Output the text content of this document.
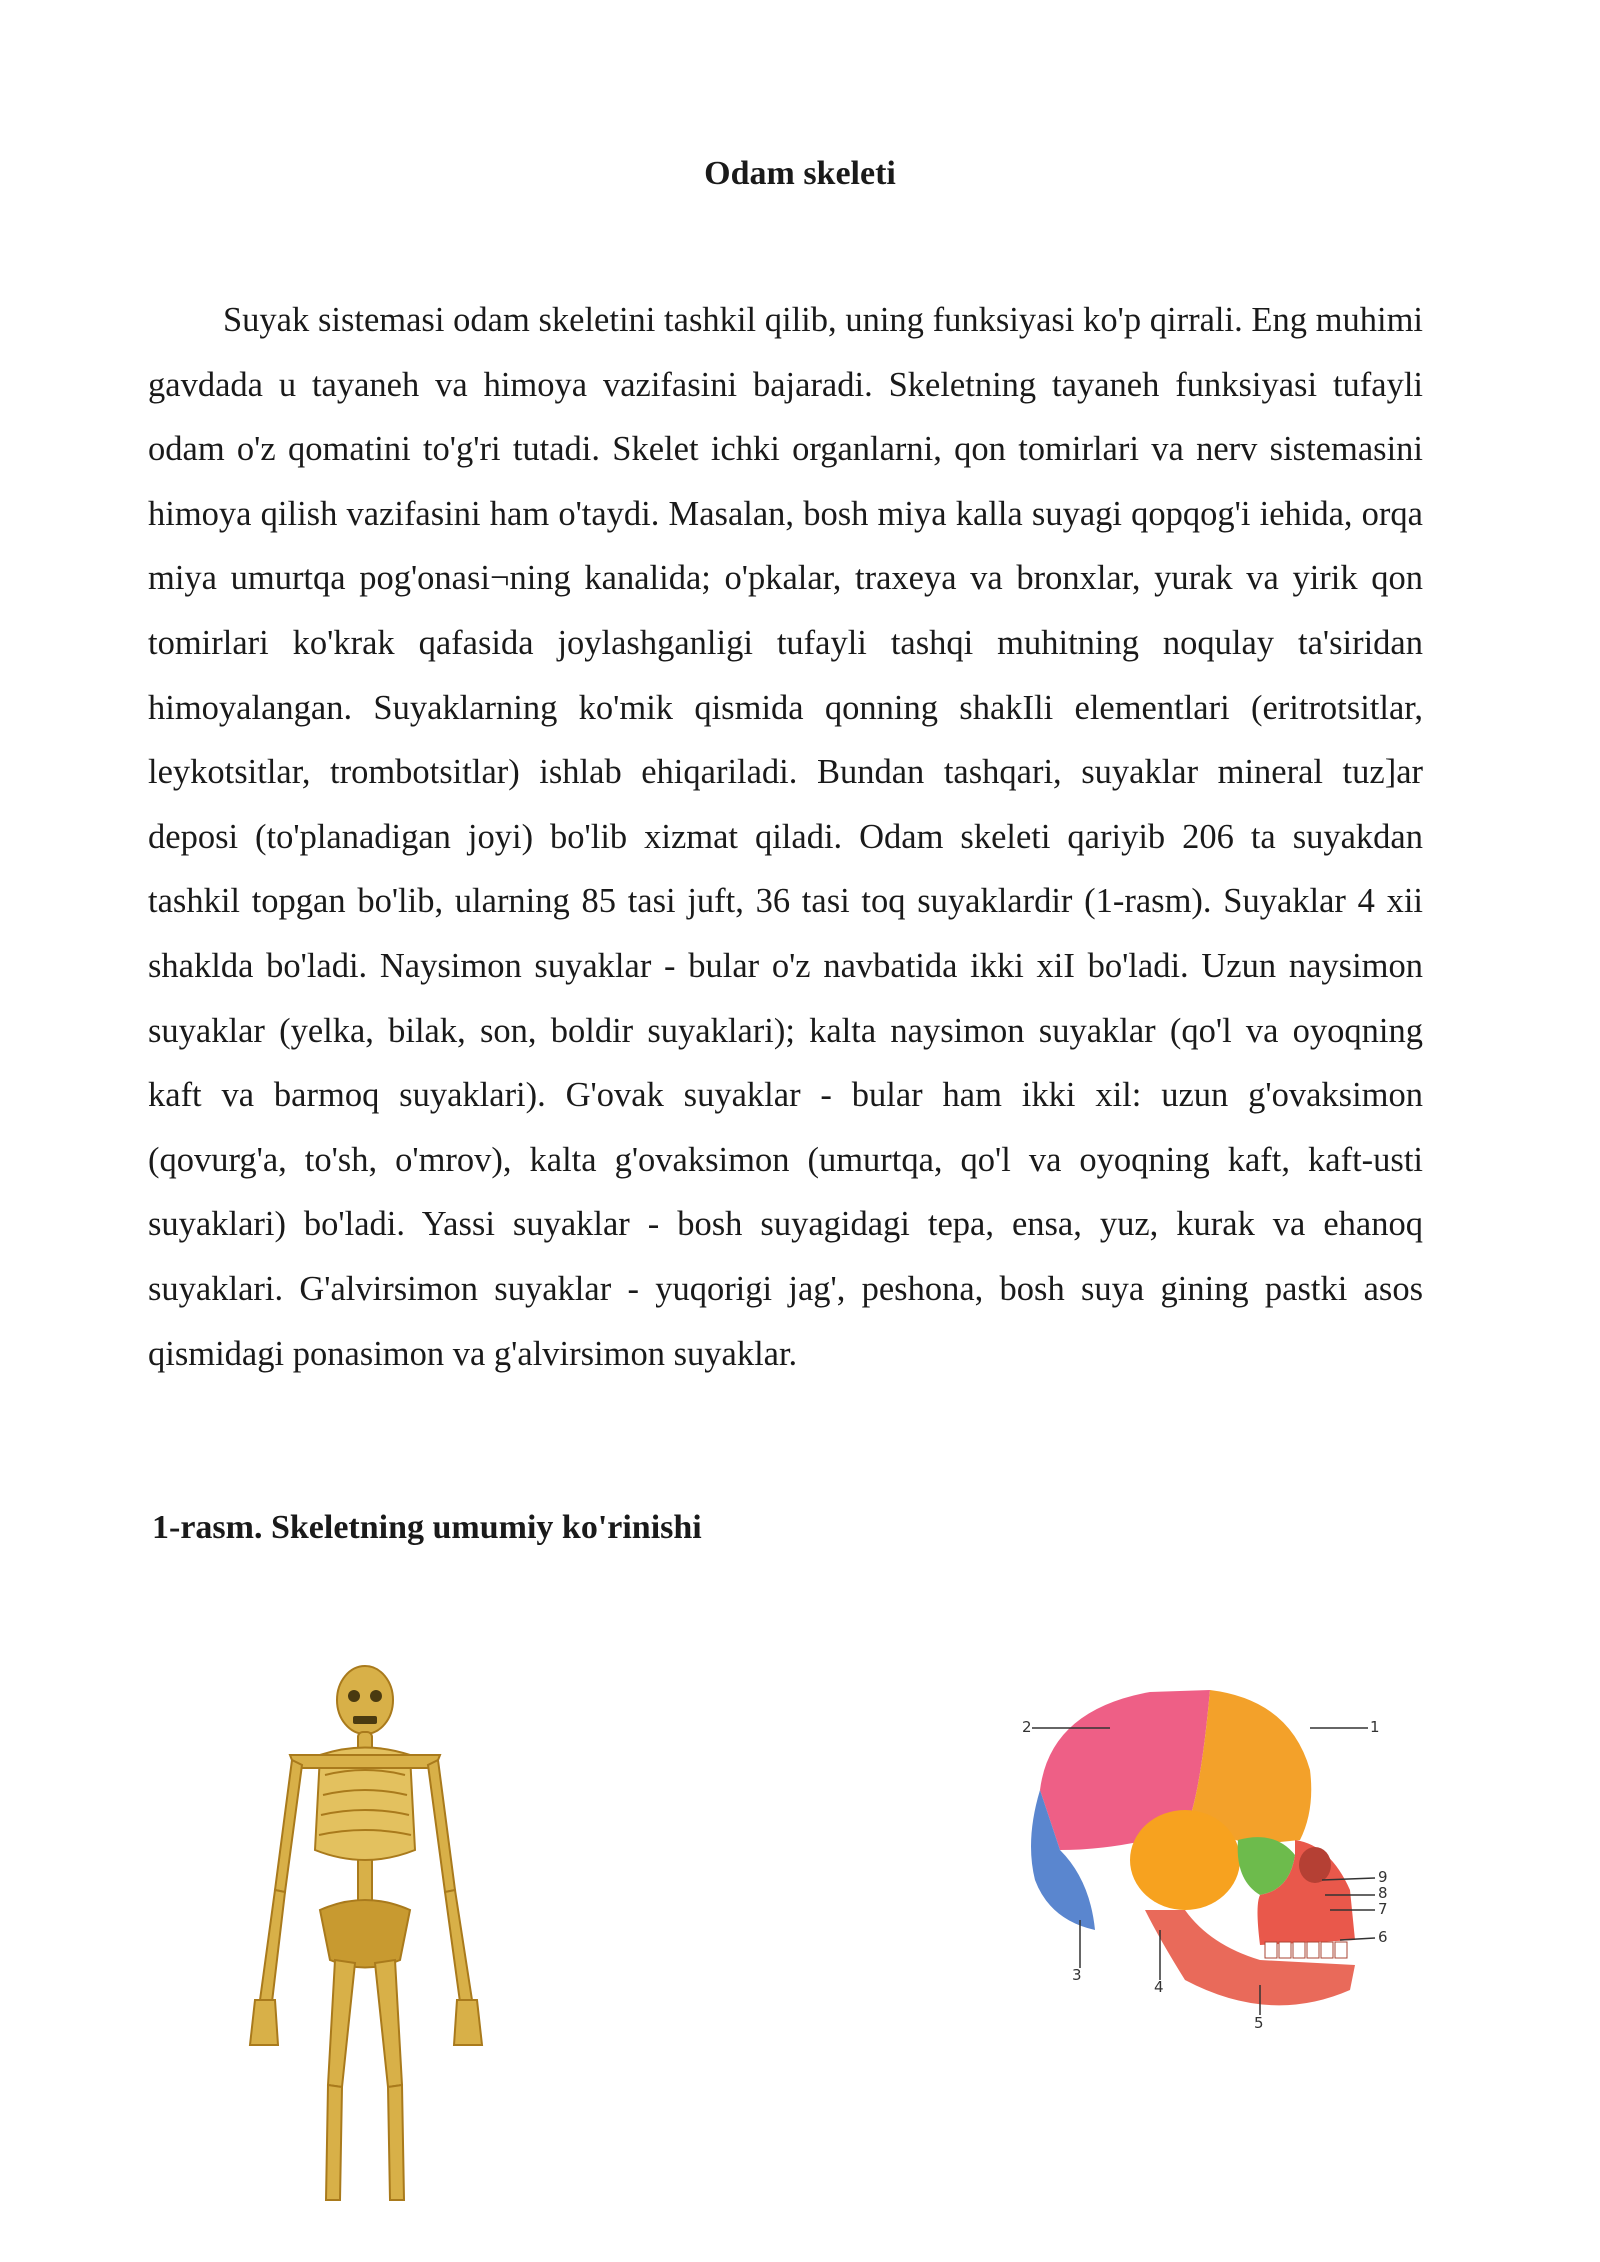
Odam skeleti

Suyak sistemasi odam skeletini tashkil qilib, uning funksiyasi ko'p qirrali. Eng muhimi gavdada u tayaneh va himoya vazifasini bajaradi. Skeletning tayaneh funksiyasi tufayli odam o'z qomatini to'g'ri tutadi. Skelet ichki organlarni, qon tomirlari va nerv sistemasini himoya qilish vazifasini ham o'taydi. Masalan, bosh miya kalla suyagi qopqog'i iehida, orqa miya umurtqa pog'onasi¬ning kanalida; o'pkalar, traxeya va bronxlar, yurak va yirik qon tomirlari ko'krak qafasida joylashganligi tufayli tashqi muhitning noqulay ta'siridan himoyalangan. Suyaklarning ko'mik qismida qonning shakIli elementlari (eritrotsitlar, leykotsitlar, trombotsitlar) ishlab ehiqariladi. Bundan tashqari, suyaklar mineral tuz]ar deposi (to'planadigan joyi) bo'lib xizmat qiladi. Odam skeleti qariyib 206 ta suyakdan tashkil topgan bo'lib, ularning 85 tasi juft, 36 tasi toq suyaklardir (1-rasm). Suyaklar 4 xii shaklda bo'ladi. Naysimon suyaklar - bular o'z navbatida ikki xiI bo'ladi. Uzun naysimon suyaklar (yelka, bilak, son, boldir suyaklari); kalta naysimon suyaklar (qo'l va oyoqning kaft va barmoq suyaklari). G'ovak suyaklar - bular ham ikki xil: uzun g'ovaksimon (qovurg'a, to'sh, o'mrov), kalta g'ovaksimon (umurtqa, qo'l va oyoqning kaft, kaft-usti suyaklari) bo'ladi. Yassi suyaklar - bosh suyagidagi tepa, ensa, yuz, kurak va ehanoq suyaklari. G'alvirsimon suyaklar - yuqorigi jag', peshona, bosh suya gining pastki asos qismidagi ponasimon va g'alvirsimon suyaklar.

1-rasm. Skeletning umumiy ko'rinishi
1
2
3
4
5
6
7
8
9
